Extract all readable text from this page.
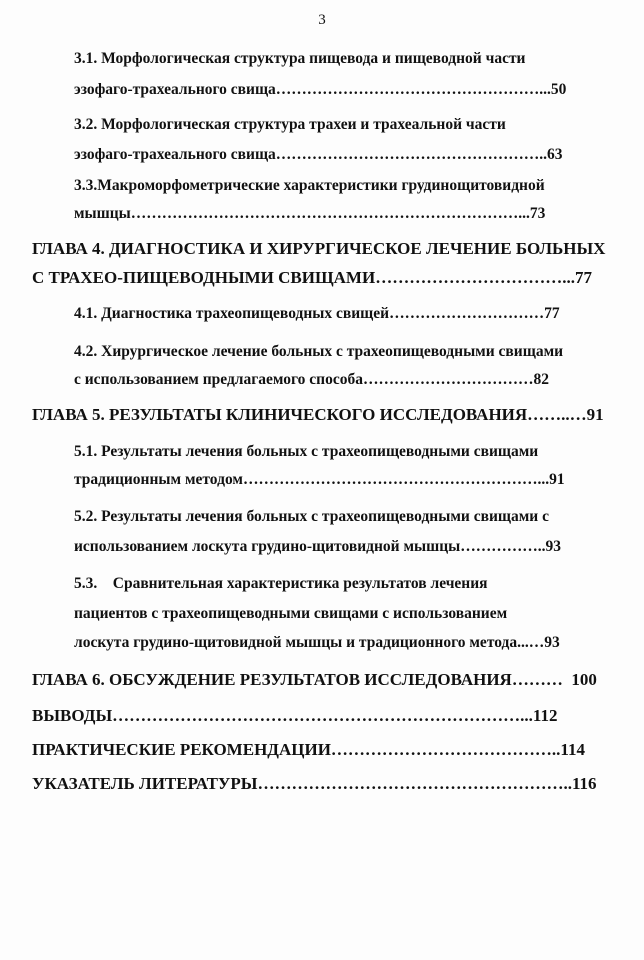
3
3.1. Морфологическая структура пищевода и пищеводной части
эзофаго-трахеального свища……………………………………………...50
3.2. Морфологическая структура трахеи и трахеальной части
эзофаго-трахеального свища……………………………………………..63
3.3.Макроморфометрические характеристики грудинощитовидной
мышцы…………………………………………………………………...73
ГЛАВА 4. ДИАГНОСТИКА И ХИРУРГИЧЕСКОЕ ЛЕЧЕНИЕ БОЛЬНЫХ
С ТРАХЕО-ПИЩЕВОДНЫМИ СВИЩАМИ……………………………...77
4.1. Диагностика трахеопищеводных свищей…………………………77
4.2. Хирургическое лечение больных с трахеопищеводными свищами
с использованием предлагаемого способа……………………………82
ГЛАВА 5. РЕЗУЛЬТАТЫ КЛИНИЧЕСКОГО ИССЛЕДОВАНИЯ……..…91
5.1. Результаты лечения больных с трахеопищеводными свищами
традиционным методом…………………………………………………...91
5.2. Результаты лечения больных с трахеопищеводными свищами с
использованием лоскута грудино-щитовидной мышцы……………..93
5.3.    Сравнительная характеристика результатов лечения
пациентов с трахеопищеводными свищами с использованием
лоскута грудино-щитовидной мышцы и традиционного метода...…93
ГЛАВА 6. ОБСУЖДЕНИЕ РЕЗУЛЬТАТОВ ИССЛЕДОВАНИЯ………  100
ВЫВОДЫ………………………………………………………………...112
ПРАКТИЧЕСКИЕ РЕКОМЕНДАЦИИ…………………………………..114
УКАЗАТЕЛЬ ЛИТЕРАТУРЫ………………………………………………..116
